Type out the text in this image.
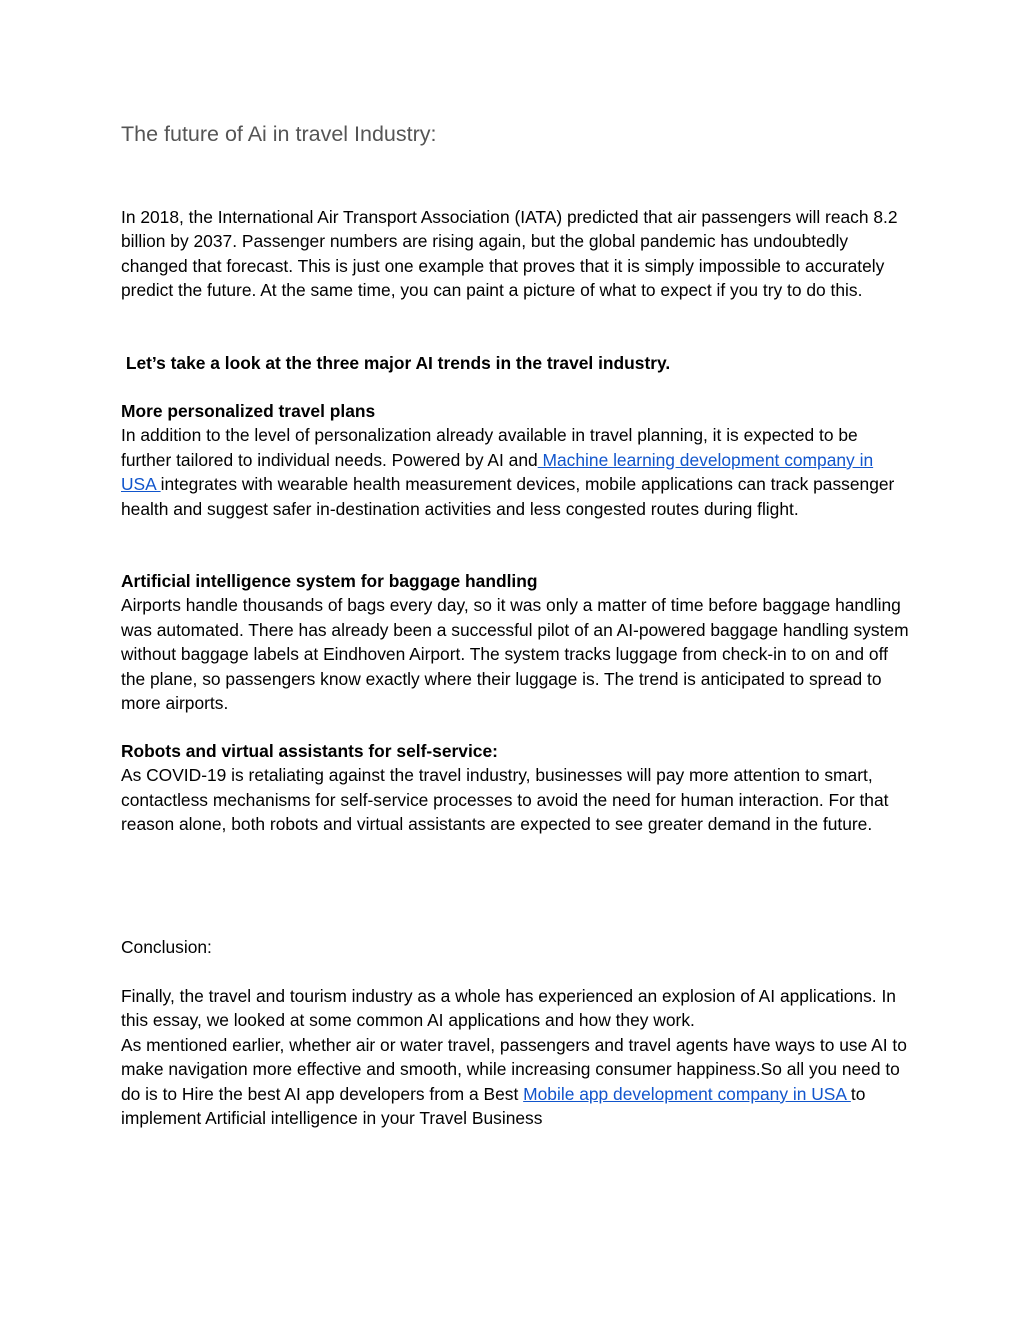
The future of Ai in travel Industry:

In 2018, the International Air Transport Association (IATA) predicted that air passengers will reach 8.2 billion by 2037. Passenger numbers are rising again, but the global pandemic has undoubtedly changed that forecast. This is just one example that proves that it is simply impossible to accurately predict the future. At the same time, you can paint a picture of what to expect if you try to do this.

Let’s take a look at the three major AI trends in the travel industry.

More personalized travel plans

In addition to the level of personalization already available in travel planning, it is expected to be further tailored to individual needs. Powered by AI and Machine learning development company in USA integrates with wearable health measurement devices, mobile applications can track passenger health and suggest safer in-destination activities and less congested routes during flight.

Artificial intelligence system for baggage handling

Airports handle thousands of bags every day, so it was only a matter of time before baggage handling was automated. There has already been a successful pilot of an AI-powered baggage handling system without baggage labels at Eindhoven Airport. The system tracks luggage from check-in to on and off the plane, so passengers know exactly where their luggage is. The trend is anticipated to spread to more airports.

Robots and virtual assistants for self-service:

As COVID-19 is retaliating against the travel industry, businesses will pay more attention to smart, contactless mechanisms for self-service processes to avoid the need for human interaction. For that reason alone, both robots and virtual assistants are expected to see greater demand in the future.

Conclusion:

Finally, the travel and tourism industry as a whole has experienced an explosion of AI applications. In this essay, we looked at some common AI applications and how they work.

As mentioned earlier, whether air or water travel, passengers and travel agents have ways to use AI to make navigation more effective and smooth, while increasing consumer happiness.So all you need to do is to Hire the best AI app developers from a Best Mobile app development company in USA to implement Artificial intelligence in your Travel Business
